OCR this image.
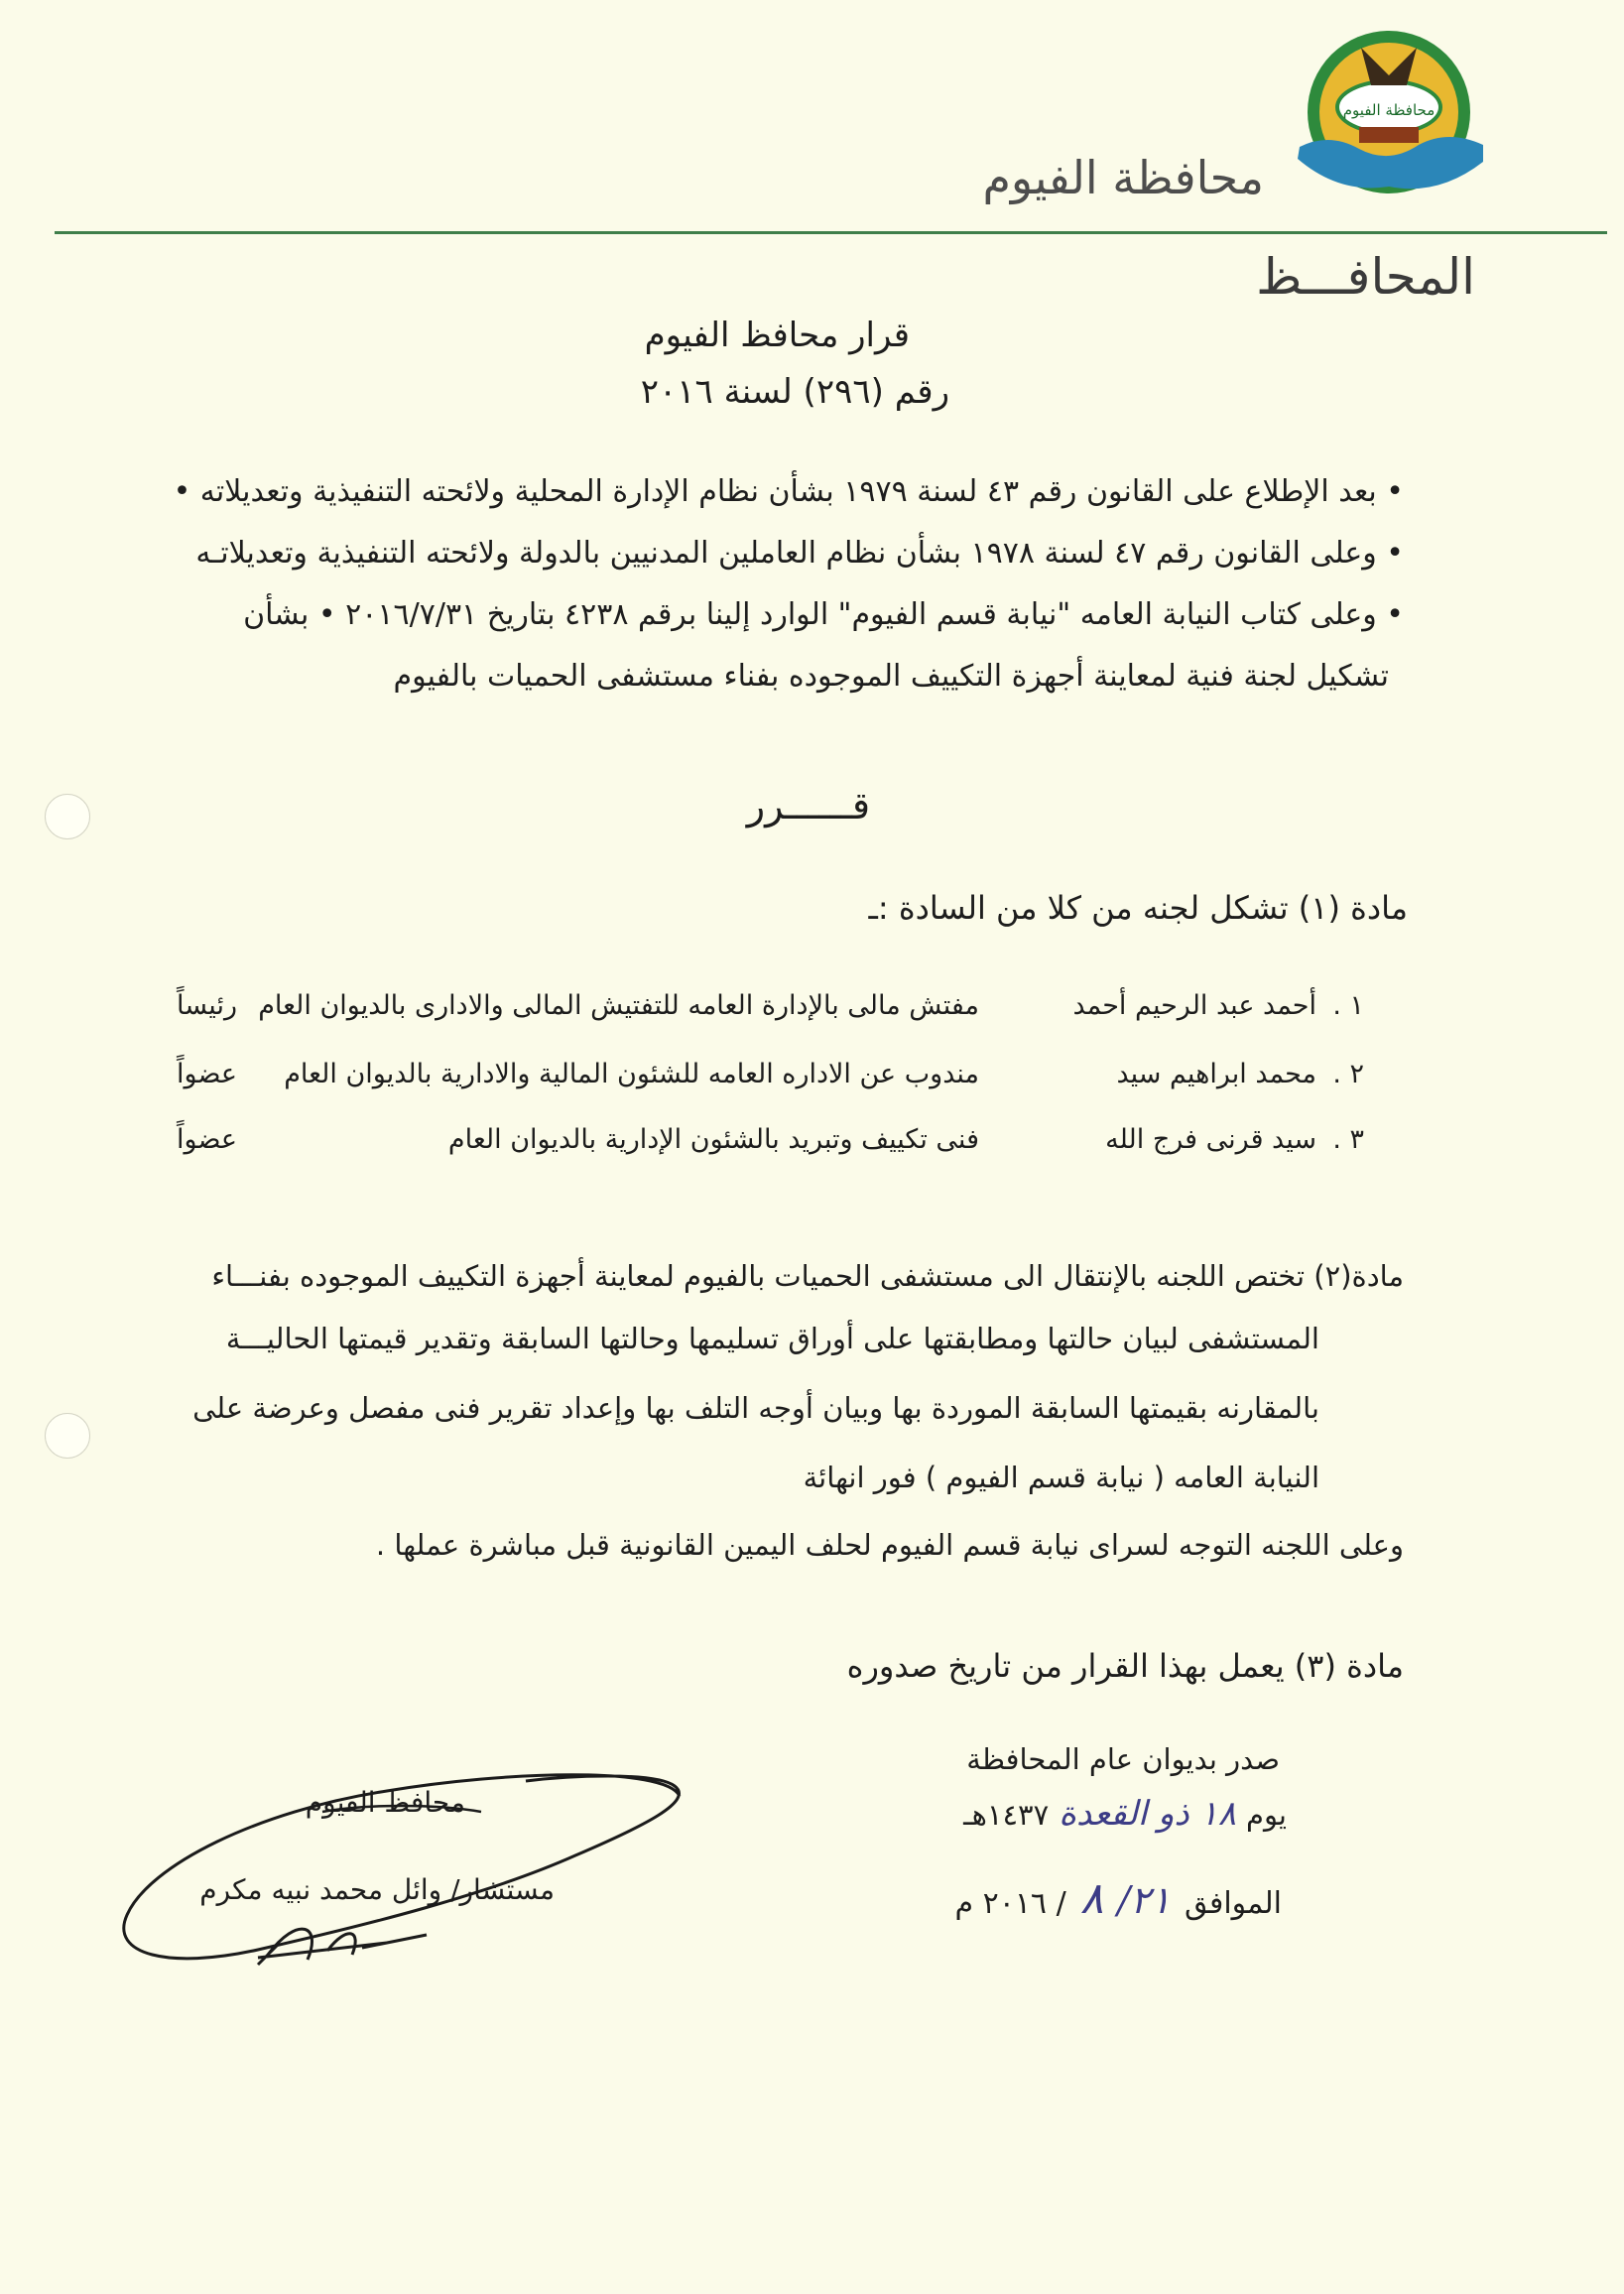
محافظة الفيوم
محافظة الفيوم
المحافـــظ
قرار محافظ الفيوم
رقم (٢٩٦) لسنة ٢٠١٦
• بعد الإطلاع على القانون رقم ٤٣ لسنة ١٩٧٩ بشأن نظام الإدارة المحلية ولائحته التنفيذية وتعديلاته •
• وعلى القانون رقم ٤٧ لسنة ١٩٧٨ بشأن نظام العاملين المدنيين بالدولة ولائحته التنفيذية وتعديلاتـه
• وعلى كتاب النيابة العامه "نيابة قسم الفيوم" الوارد إلينا برقم ٤٢٣٨ بتاريخ ٢٠١٦/٧/٣١ • بشأن
تشكيل لجنة فنية لمعاينة أجهزة التكييف الموجوده بفناء مستشفى الحميات بالفيوم
قــــــرر
مادة (١) تشكل لجنه من كلا من السادة :ـ
١ .
أحمد عبد الرحيم أحمد
مفتش مالى بالإدارة العامه للتفتيش المالى والادارى بالديوان العام
رئيساً
٢ .
محمد ابراهيم سيد
مندوب عن الاداره العامه للشئون المالية والادارية بالديوان العام
عضواً
٣ .
سيد قرنى فرج الله
فنى تكييف وتبريد بالشئون الإدارية بالديوان العام
عضواً
مادة(٢) تختص اللجنه بالإنتقال الى مستشفى الحميات بالفيوم لمعاينة أجهزة التكييف الموجوده بفنـــاء
المستشفى لبيان حالتها ومطابقتها على أوراق تسليمها وحالتها السابقة وتقدير قيمتها الحاليـــة
بالمقارنه بقيمتها السابقة الموردة بها وبيان أوجه التلف بها وإعداد تقرير فنى مفصل وعرضة على
النيابة العامه ( نيابة قسم الفيوم ) فور انهائة
وعلى اللجنه التوجه لسراى نيابة قسم الفيوم لحلف اليمين القانونية قبل مباشرة عملها .
مادة (٣) يعمل بهذا القرار من تاريخ صدوره
صدر بديوان عام المحافظة
يوم
١٨ ذو القعدة
١٤٣٧هـ
الموافق
٢١/
٨
/ ٢٠١٦ م
محافظ الفيوم
مستشار/ وائل محمد نبيه مكرم
